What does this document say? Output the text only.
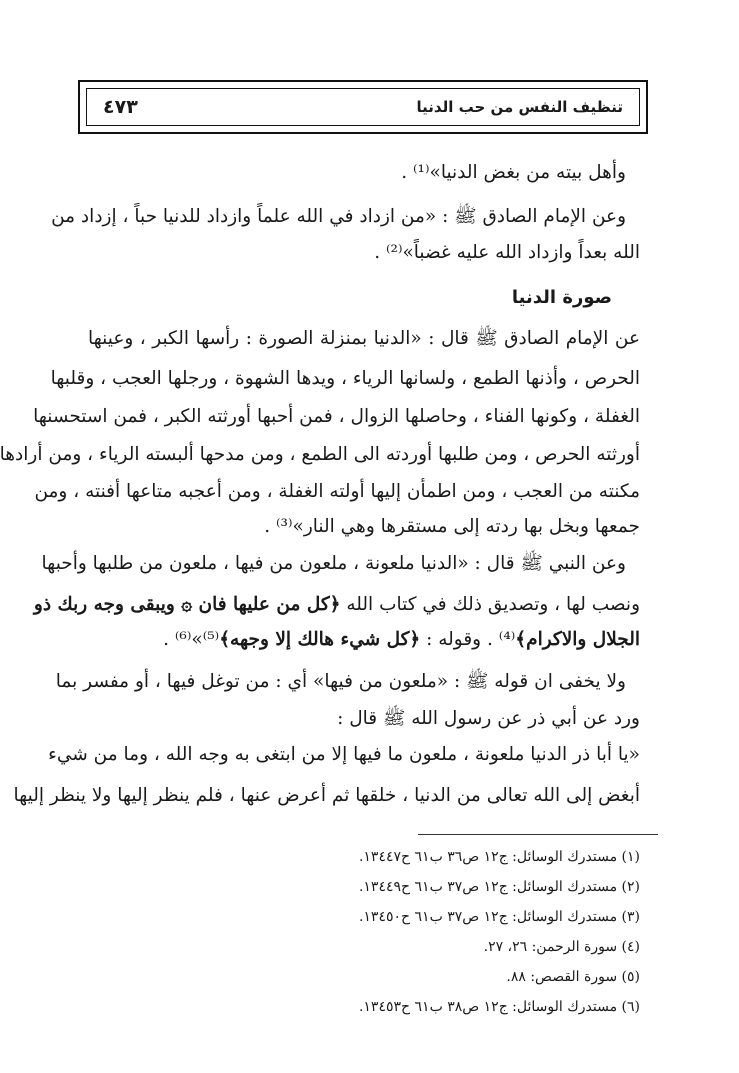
تنظيف النفس من حب الدنيا
٤٧٣
وأهل بيته من بغض الدنيا»⁽¹⁾ .
وعن الإمام الصادق ﷺ : «من ازداد في الله علماً وازداد للدنيا حباً ، إزداد من
الله بعداً وازداد الله عليه غضباً»⁽²⁾ .
صورة الدنيا
عن الإمام الصادق ﷺ قال : «الدنيا بمنزلة الصورة : رأسها الكبر ، وعينها
الحرص ، وأذنها الطمع ، ولسانها الرياء ، ويدها الشهوة ، ورجلها العجب ، وقلبها
الغفلة ، وكونها الفناء ، وحاصلها الزوال ، فمن أحبها أورثته الكبر ، فمن استحسنها
أورثته الحرص ، ومن طلبها أوردته الى الطمع ، ومن مدحها ألبسته الرياء ، ومن أرادها
مكنته من العجب ، ومن اطمأن إليها أولته الغفلة ، ومن أعجبه متاعها أفنته ، ومن
جمعها وبخل بها ردته إلى مستقرها وهي النار»⁽³⁾ .
وعن النبي ﷺ قال : «الدنيا ملعونة ، ملعون من فيها ، ملعون من طلبها وأحبها
ونصب لها ، وتصديق ذلك في كتاب الله ﴿كل من عليها فان ۞ ويبقى وجه ربك ذو
الجلال والاكرام﴾⁽⁴⁾ . وقوله : ﴿كل شيء هالك إلا وجهه﴾⁽⁵⁾»⁽⁶⁾ .
ولا يخفى ان قوله ﷺ : «ملعون من فيها» أي : من توغل فيها ، أو مفسر بما
ورد عن أبي ذر عن رسول الله ﷺ قال :
«يا أبا ذر الدنيا ملعونة ، ملعون ما فيها إلا من ابتغى به وجه الله ، وما من شيء
أبغض إلى الله تعالى من الدنيا ، خلقها ثم أعرض عنها ، فلم ينظر إليها ولا ينظر إليها
(١) مستدرك الوسائل: ج١٢ ص٣٦ ب٦١ ح١٣٤٤٧.
(٢) مستدرك الوسائل: ج١٢ ص٣٧ ب٦١ ح١٣٤٤٩.
(٣) مستدرك الوسائل: ج١٢ ص٣٧ ب٦١ ح١٣٤٥٠.
(٤) سورة الرحمن: ٢٦، ٢٧.
(٥) سورة القصص: ٨٨.
(٦) مستدرك الوسائل: ج١٢ ص٣٨ ب٦١ ح١٣٤٥٣.
